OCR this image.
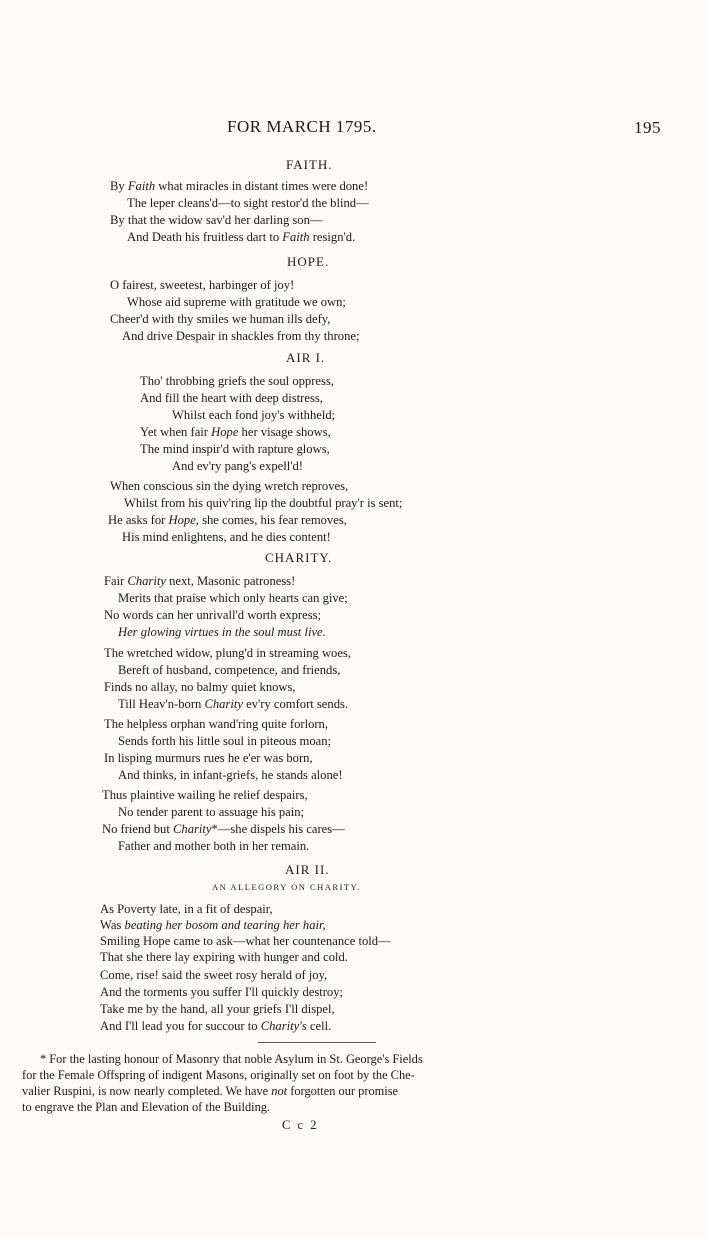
FOR MARCH 1795.	195
FAITH.
By Faith what miracles in distant times were done!
The leper cleans'd—to sight restor'd the blind—
By that the widow sav'd her darling son—
And Death his fruitless dart to Faith resign'd.
HOPE.
O fairest, sweetest, harbinger of joy!
Whose aid supreme with gratitude we own;
Cheer'd with thy smiles we human ills defy,
And drive Despair in shackles from thy throne;
AIR I.
Tho' throbbing griefs the soul oppress,
And fill the heart with deep distress,
Whilst each fond joy's withheld;
Yet when fair Hope her visage shows,
The mind inspir'd with rapture glows,
And ev'ry pang's expell'd!
When conscious sin the dying wretch reproves,
Whilst from his quiv'ring lip the doubtful pray'r is sent;
He asks for Hope, she comes, his fear removes,
His mind enlightens, and he dies content!
CHARITY.
Fair Charity next, Masonic patroness!
Merits that praise which only hearts can give;
No words can her unrivall'd worth express;
Her glowing virtues in the soul must live.
The wretched widow, plung'd in streaming woes,
Bereft of husband, competence, and friends,
Finds no allay, no balmy quiet knows,
Till Heav'n-born Charity ev'ry comfort sends.
The helpless orphan wand'ring quite forlorn,
Sends forth his little soul in piteous moan;
In lisping murmurs rues he e'er was born,
And thinks, in infant-griefs, he stands alone!
Thus plaintive wailing he relief despairs,
No tender parent to assuage his pain;
No friend but Charity*—she dispels his cares—
Father and mother both in her remain.
AIR II.
AN ALLEGORY ON CHARITY.
As Poverty late, in a fit of despair,
Was beating her bosom and tearing her hair,
Smiling Hope came to ask—what her countenance told—
That she there lay expiring with hunger and cold.
Come, rise! said the sweet rosy herald of joy,
And the torments you suffer I'll quickly destroy;
Take me by the hand, all your griefs I'll dispel,
And I'll lead you for succour to Charity's cell.
* For the lasting honour of Masonry that noble Asylum in St. George's Fields
for the Female Offspring of indigent Masons, originally set on foot by the Che-
valier Ruspini, is now nearly completed. We have not forgotten our promise
to engrave the Plan and Elevation of the Building.
C c 2
